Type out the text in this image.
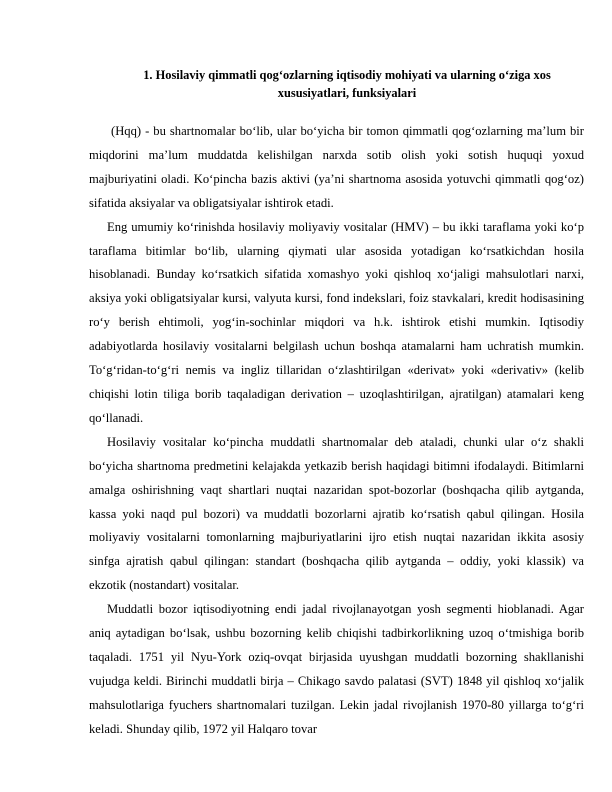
1. Hosilaviy qimmatli qog‘ozlarning iqtisodiy mohiyati va ularning o‘ziga xos xususiyatlari, funksiyalari

(Hqq) - bu shartnomalar bo‘lib, ular bo‘yicha bir tomon qimmatli qog‘ozlarning ma’lum bir miqdorini ma’lum muddatda kelishilgan narxda sotib olish yoki sotish huquqi yoxud majburiyatini oladi. Ko‘pincha bazis aktivi (ya’ni shartnoma asosida yotuvchi qimmatli qog‘oz) sifatida aksiyalar va obligatsiyalar ishtirok etadi.

Eng umumiy ko‘rinishda hosilaviy moliyaviy vositalar (HMV) – bu ikki taraflama yoki ko‘p taraflama bitimlar bo‘lib, ularning qiymati ular asosida yotadigan ko‘rsatkichdan hosila hisoblanadi. Bunday ko‘rsatkich sifatida xomashyo yoki qishloq xo‘jaligi mahsulotlari narxi, aksiya yoki obligatsiyalar kursi, valyuta kursi, fond indekslari, foiz stavkalari, kredit hodisasining ro‘y berish ehtimoli, yog‘in-sochinlar miqdori va h.k. ishtirok etishi mumkin. Iqtisodiy adabiyotlarda hosilaviy vositalarni belgilash uchun boshqa atamalarni ham uchratish mumkin. To‘g‘ridan-to‘g‘ri nemis va ingliz tillaridan o‘zlashtirilgan «derivat» yoki «derivativ» (kelib chiqishi lotin tiliga borib taqaladigan derivation – uzoqlashtirilgan, ajratilgan) atamalari keng qo‘llanadi.

Hosilaviy vositalar ko‘pincha muddatli shartnomalar deb ataladi, chunki ular o‘z shakli bo‘yicha shartnoma predmetini kelajakda yetkazib berish haqidagi bitimni ifodalaydi. Bitimlarni amalga oshirishning vaqt shartlari nuqtai nazaridan spot-bozorlar (boshqacha qilib aytganda, kassa yoki naqd pul bozori) va muddatli bozorlarni ajratib ko‘rsatish qabul qilingan. Hosila moliyaviy vositalarni tomonlarning majburiyatlarini ijro etish nuqtai nazaridan ikkita asosiy sinfga ajratish qabul qilingan: standart (boshqacha qilib aytganda – oddiy, yoki klassik) va ekzotik (nostandart) vositalar.

Muddatli bozor iqtisodiyotning endi jadal rivojlanayotgan yosh segmenti hioblanadi. Agar aniq aytadigan bo‘lsak, ushbu bozorning kelib chiqishi tadbirkorlikning uzoq o‘tmishiga borib taqaladi. 1751 yil Nyu-York oziq-ovqat birjasida uyushgan muddatli bozorning shakllanishi vujudga keldi. Birinchi muddatli birja – Chikago savdo palatasi (SVT) 1848 yil qishloq xo‘jalik mahsulotlariga fyuchers shartnomalari tuzilgan. Lekin jadal rivojlanish 1970-80 yillarga to‘g‘ri keladi. Shunday qilib, 1972 yil Halqaro tovar
